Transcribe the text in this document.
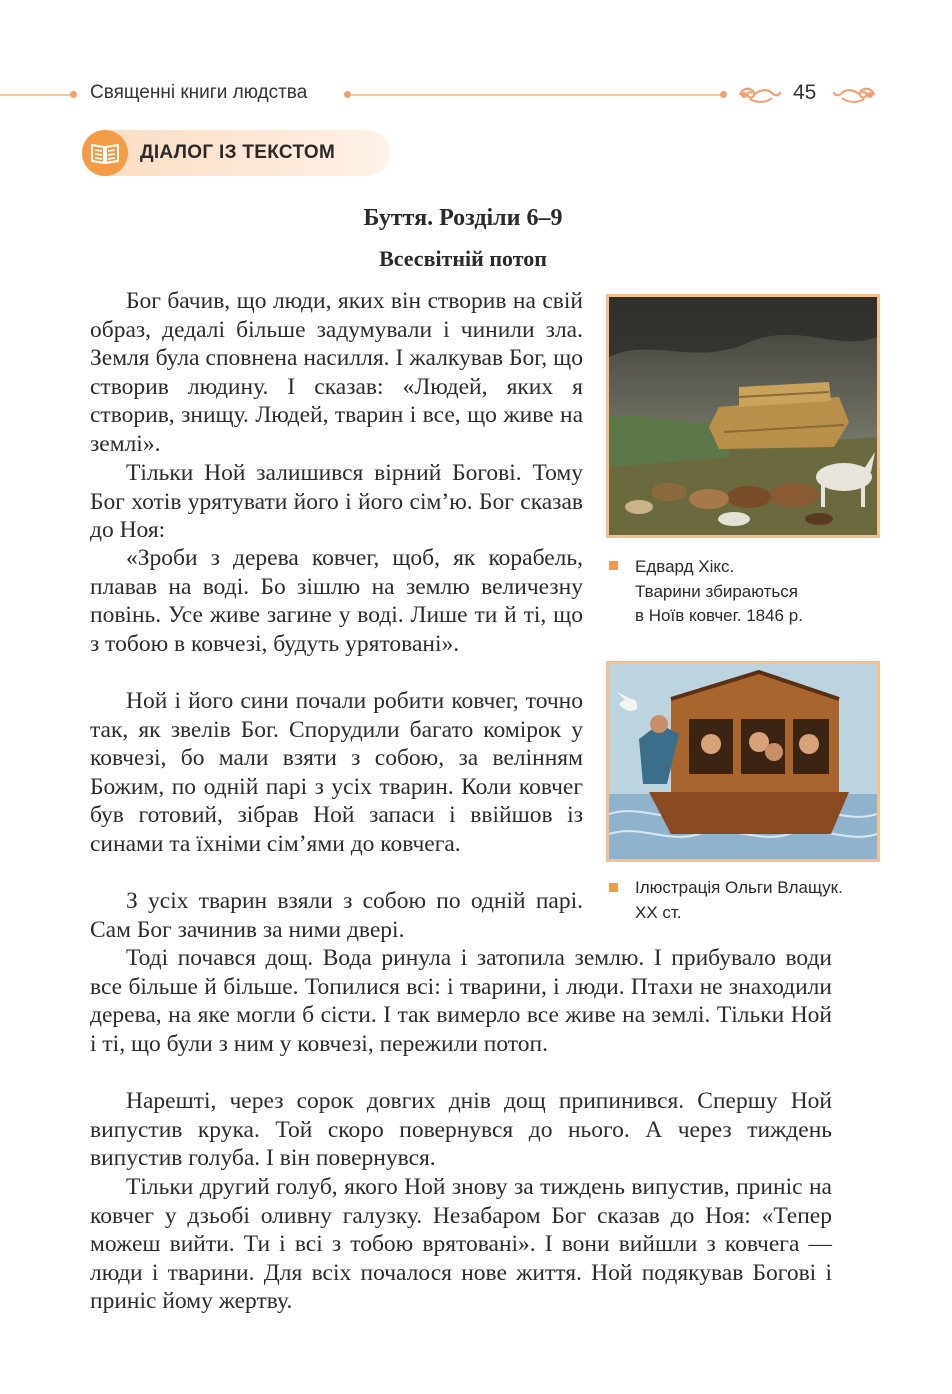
Священні книги людства	45
ДІАЛОГ ІЗ ТЕКСТОМ
Буття. Розділи 6–9
Всесвітній потоп
Бог бачив, що люди, яких він створив на свій образ, дедалі більше задумували і чинили зла. Земля була сповнена насилля. І жалкував Бог, що створив людину. І сказав: «Людей, яких я створив, знищу. Людей, тварин і все, що живе на землі».
Тільки Ной залишився вірний Богові. Тому Бог хотів урятувати його і його сім’ю. Бог сказав до Ноя:
«Зроби з дерева ковчег, щоб, як корабель, плавав на воді. Бо зішлю на землю величезну повінь. Усе живе загине у воді. Лише ти й ті, що з тобою в ковчезі, будуть урятовані».
Ной і його сини почали робити ковчег, точно так, як звелів Бог. Спорудили багато комірок у ковчезі, бо мали взяти з собою, за велінням Божим, по одній парі з усіх тварин. Коли ковчег був готовий, зібрав Ной запаси і ввійшов із синами та їхніми сім’ями до ковчега.
З усіх тварин взяли з собою по одній парі. Сам Бог зачинив за ними двері.
Тоді почався дощ. Вода ринула і затопила землю. І прибувало води все більше й більше. Топилися всі: і тварини, і люди. Птахи не знаходили дерева, на яке могли б сісти. І так вимерло все живе на землі. Тільки Ной і ті, що були з ним у ковчезі, пережили потоп.
Нарешті, через сорок довгих днів дощ припинився. Спершу Ной випустив крука. Той скоро повернувся до нього. А через тиждень випустив голуба. І він повернувся.
Тільки другий голуб, якого Ной знову за тиждень випустив, приніс на ковчег у дзьобі оливну галузку. Незабаром Бог сказав до Ноя: «Тепер можеш вийти. Ти і всі з тобою врятовані». І вони вийшли з ковчега — люди і тварини. Для всіх почалося нове життя. Ной подякував Богові і приніс йому жертву.
Едвард Хікс.
Тварини збираються
в Ноїв ковчег. 1846 р.
Ілюстрація Ольги Влащук.
XX ст.
